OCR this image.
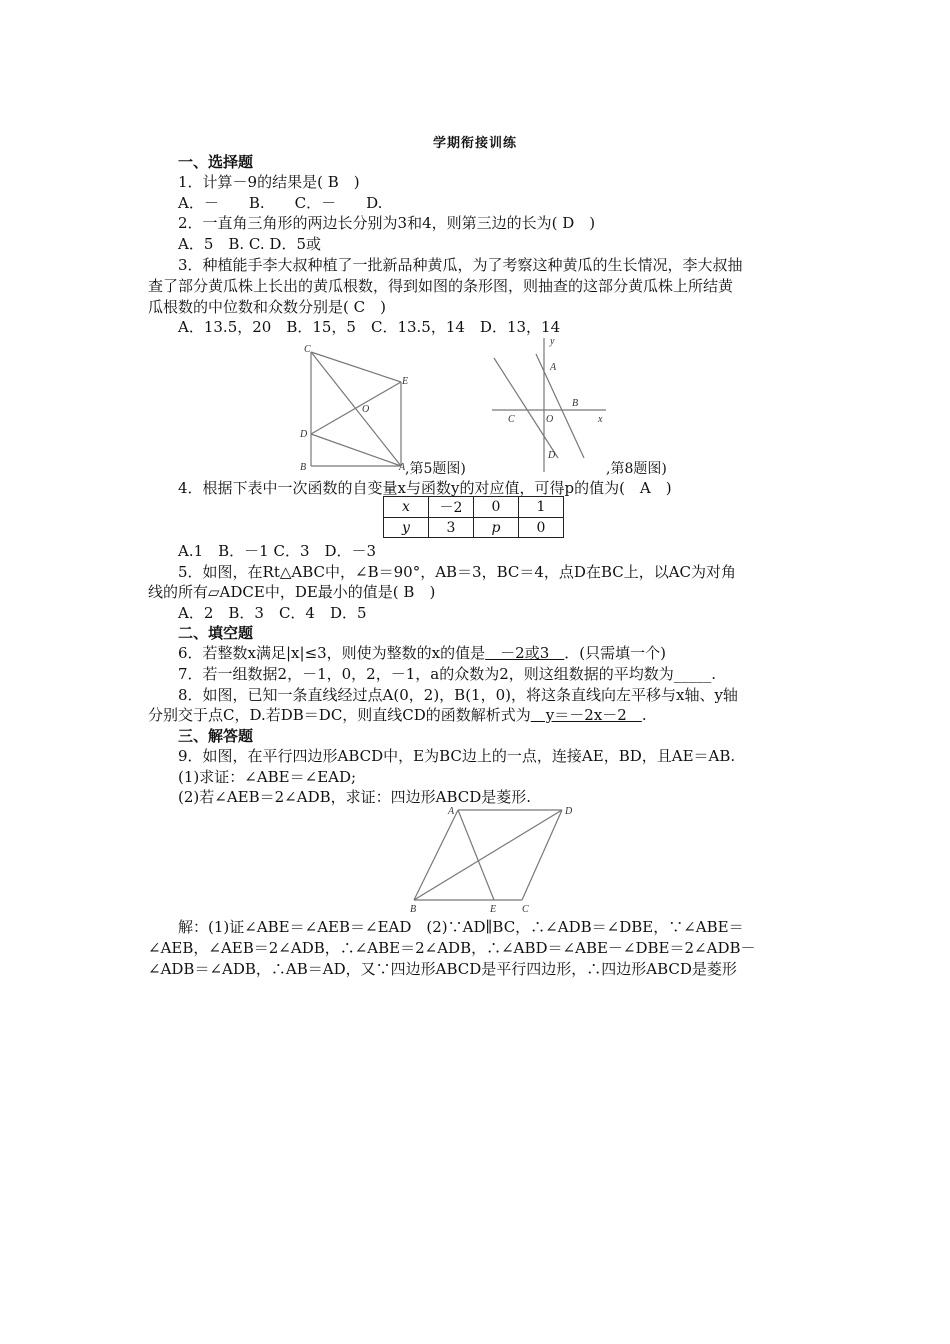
学期衔接训练
一、选择题
1．计算－9的结果是( B　)
A．－　　B.　　C．－　　D.
2．一直角三角形的两边长分别为3和4，则第三边的长为( D　)
A．5　B. C. D．5或
3．种植能手李大叔种植了一批新品种黄瓜，为了考察这种黄瓜的生长情况，李大叔抽
查了部分黄瓜株上长出的黄瓜根数，得到如图的条形图，则抽查的这部分黄瓜株上所结黄
瓜根数的中位数和众数分别是( C　)
A．13.5，20　B．15，5　C．13.5，14　D．13，14
C
E
O
D
B	A ,第5题图)
y
A
C	O
B
x
D
,第8题图)
4．根据下表中一次函数的自变量x与函数y的对应值，可得p的值为(　A　)
x	－2	0	1
y	3	p	0
A.1　B．－1 C．3　D．－3
5．如图，在Rt△ABC中，∠B＝90°，AB＝3，BC＝4，点D在BC上，以AC为对角
线的所有▱ADCE中，DE最小的值是( B　)
A．2　B．3　C．4　D．5
二、填空题
6．若整数x满足|x|≤3，则使为整数的x的值是　－2或3　．(只需填一个)
7．若一组数据2，－1，0，2，－1，a的众数为2，则这组数据的平均数为_____.
8．如图，已知一条直线经过点A(0，2)，B(1，0)，将这条直线向左平移与x轴、y轴
分别交于点C，D.若DB＝DC，则直线CD的函数解析式为　y＝－2x－2　.
三、解答题
9．如图，在平行四边形ABCD中，E为BC边上的一点，连接AE，BD，且AE＝AB.
(1)求证：∠ABE＝∠EAD;
(2)若∠AEB＝2∠ADB，求证：四边形ABCD是菱形.
A	D
B	E	C
解：(1)证∠ABE＝∠AEB＝∠EAD　(2)∵AD∥BC，∴∠ADB＝∠DBE，∵∠ABE＝
∠AEB，∠AEB＝2∠ADB，∴∠ABE＝2∠ADB，∴∠ABD＝∠ABE－∠DBE＝2∠ADB－
∠ADB＝∠ADB，∴AB＝AD，又∵四边形ABCD是平行四边形，∴四边形ABCD是菱形
